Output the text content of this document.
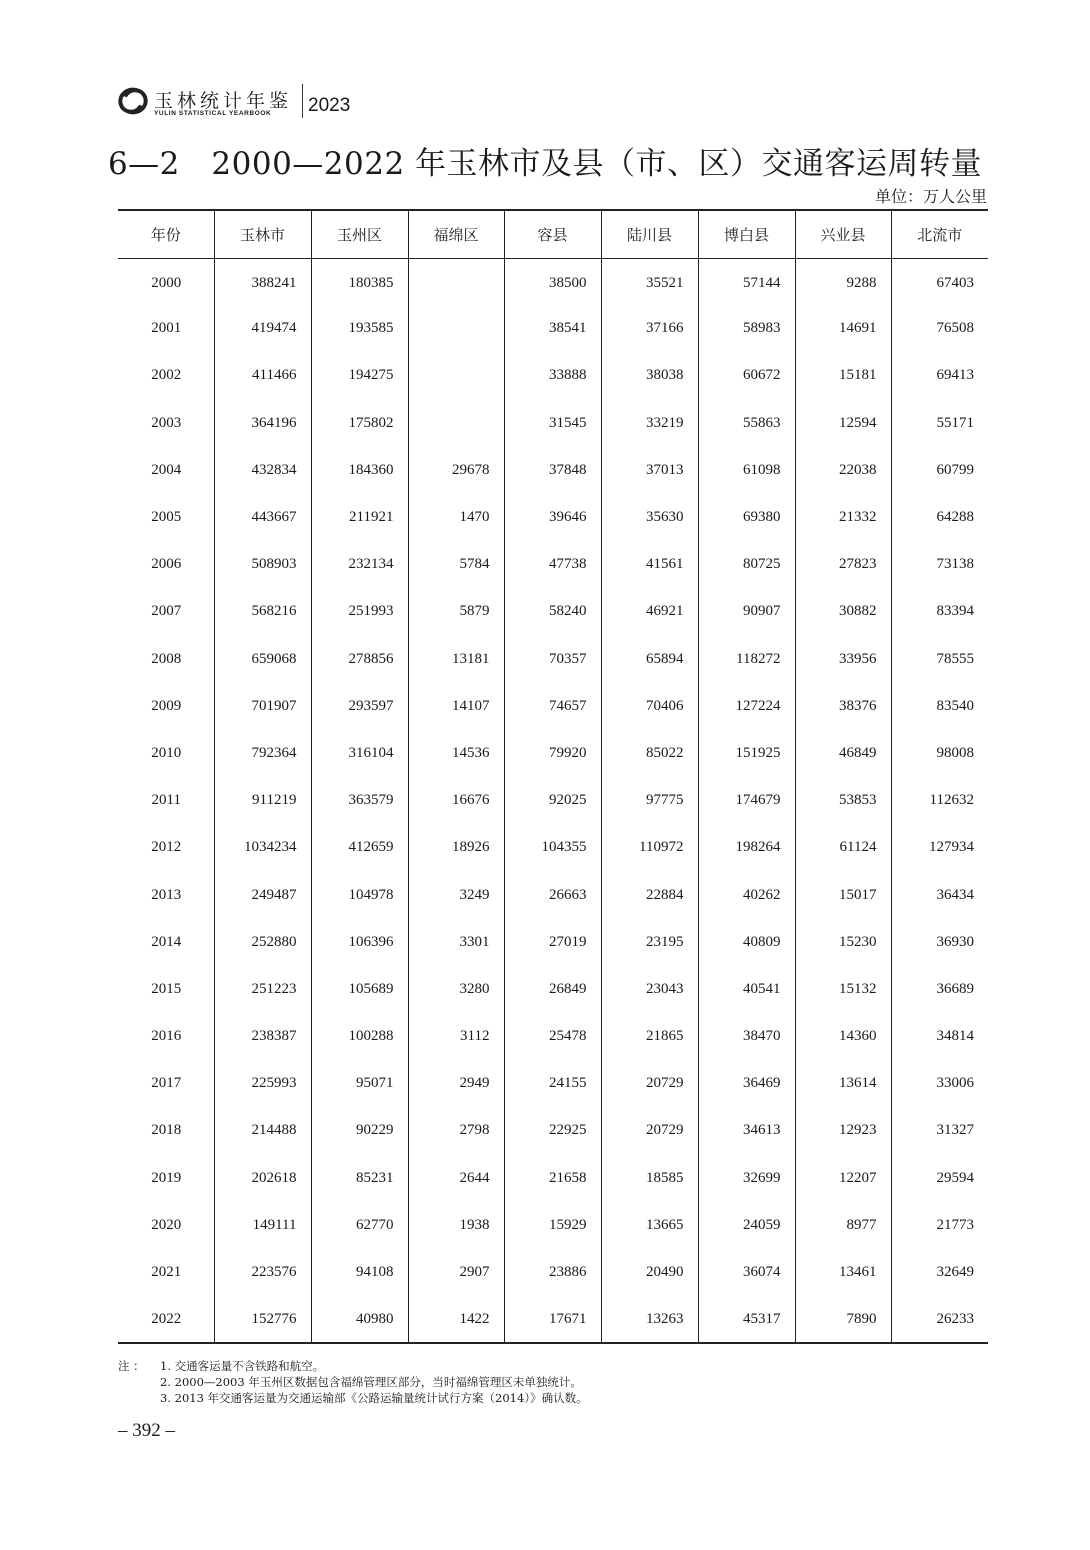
玉林统计年鉴
YULIN STATISTICAL YEARBOOK 2023
6—2　2000—2022 年玉林市及县（市、区）交通客运周转量
单位：万人公里
年份	玉林市	玉州区	福绵区	容县	陆川县	博白县	兴业县	北流市
2000	388241	180385		38500	35521	57144	9288	67403
2001	419474	193585		38541	37166	58983	14691	76508
2002	411466	194275		33888	38038	60672	15181	69413
2003	364196	175802		31545	33219	55863	12594	55171
2004	432834	184360	29678	37848	37013	61098	22038	60799
2005	443667	211921	1470	39646	35630	69380	21332	64288
2006	508903	232134	5784	47738	41561	80725	27823	73138
2007	568216	251993	5879	58240	46921	90907	30882	83394
2008	659068	278856	13181	70357	65894	118272	33956	78555
2009	701907	293597	14107	74657	70406	127224	38376	83540
2010	792364	316104	14536	79920	85022	151925	46849	98008
2011	911219	363579	16676	92025	97775	174679	53853	112632
2012	1034234	412659	18926	104355	110972	198264	61124	127934
2013	249487	104978	3249	26663	22884	40262	15017	36434
2014	252880	106396	3301	27019	23195	40809	15230	36930
2015	251223	105689	3280	26849	23043	40541	15132	36689
2016	238387	100288	3112	25478	21865	38470	14360	34814
2017	225993	95071	2949	24155	20729	36469	13614	33006
2018	214488	90229	2798	22925	20729	34613	12923	31327
2019	202618	85231	2644	21658	18585	32699	12207	29594
2020	149111	62770	1938	15929	13665	24059	8977	21773
2021	223576	94108	2907	23886	20490	36074	13461	32649
2022	152776	40980	1422	17671	13263	45317	7890	26233
注 ： 1. 交通客运量不含铁路和航空。
2. 2000—2003 年玉州区数据包含福绵管理区部分，当时福绵管理区未单独统计。
3. 2013 年交通客运量为交通运输部《公路运输量统计试行方案（2014）》确认数。
– 392 –
